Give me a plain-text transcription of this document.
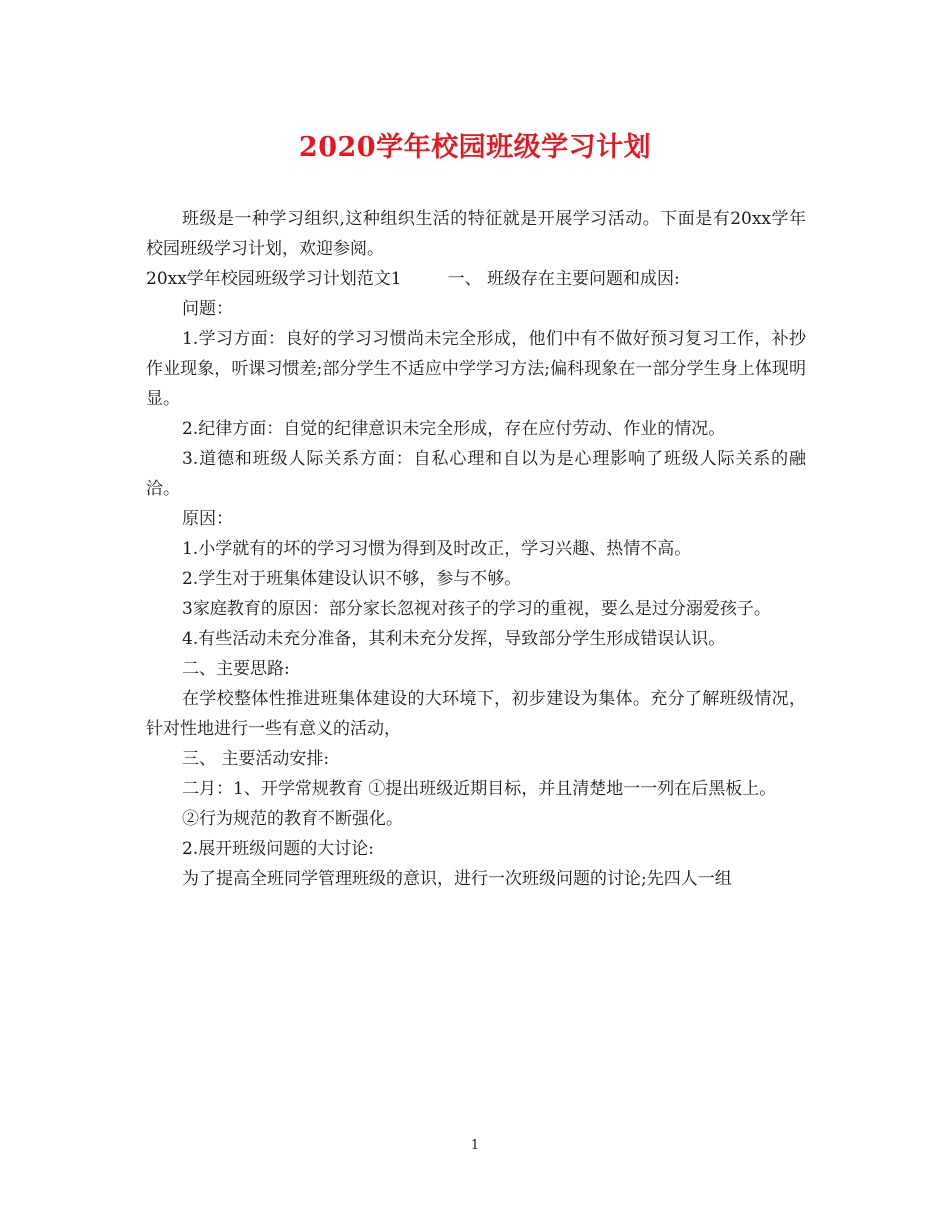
2020学年校园班级学习计划

班级是一种学习组织,这种组织生活的特征就是开展学习活动。下面是有20xx学年校园班级学习计划，欢迎参阅。

20xx学年校园班级学习计划范文1	一、 班级存在主要问题和成因:

问题：

1.学习方面：良好的学习习惯尚未完全形成，他们中有不做好预习复习工作，补抄作业现象，听课习惯差;部分学生不适应中学学习方法;偏科现象在一部分学生身上体现明显。

2.纪律方面：自觉的纪律意识未完全形成，存在应付劳动、作业的情况。

3.道德和班级人际关系方面：自私心理和自以为是心理影响了班级人际关系的融洽。

原因：

1.小学就有的坏的学习习惯为得到及时改正，学习兴趣、热情不高。

2.学生对于班集体建设认识不够，参与不够。

3家庭教育的原因：部分家长忽视对孩子的学习的重视，要么是过分溺爱孩子。

4.有些活动未充分准备，其利未充分发挥，导致部分学生形成错误认识。

二、主要思路:

在学校整体性推进班集体建设的大环境下，初步建设为集体。充分了解班级情况，针对性地进行一些有意义的活动，

三、 主要活动安排:

二月：1、开学常规教育 ①提出班级近期目标，并且清楚地一一列在后黑板上。

②行为规范的教育不断强化。

2.展开班级问题的大讨论:

为了提高全班同学管理班级的意识，进行一次班级问题的讨论;先四人一组

1
